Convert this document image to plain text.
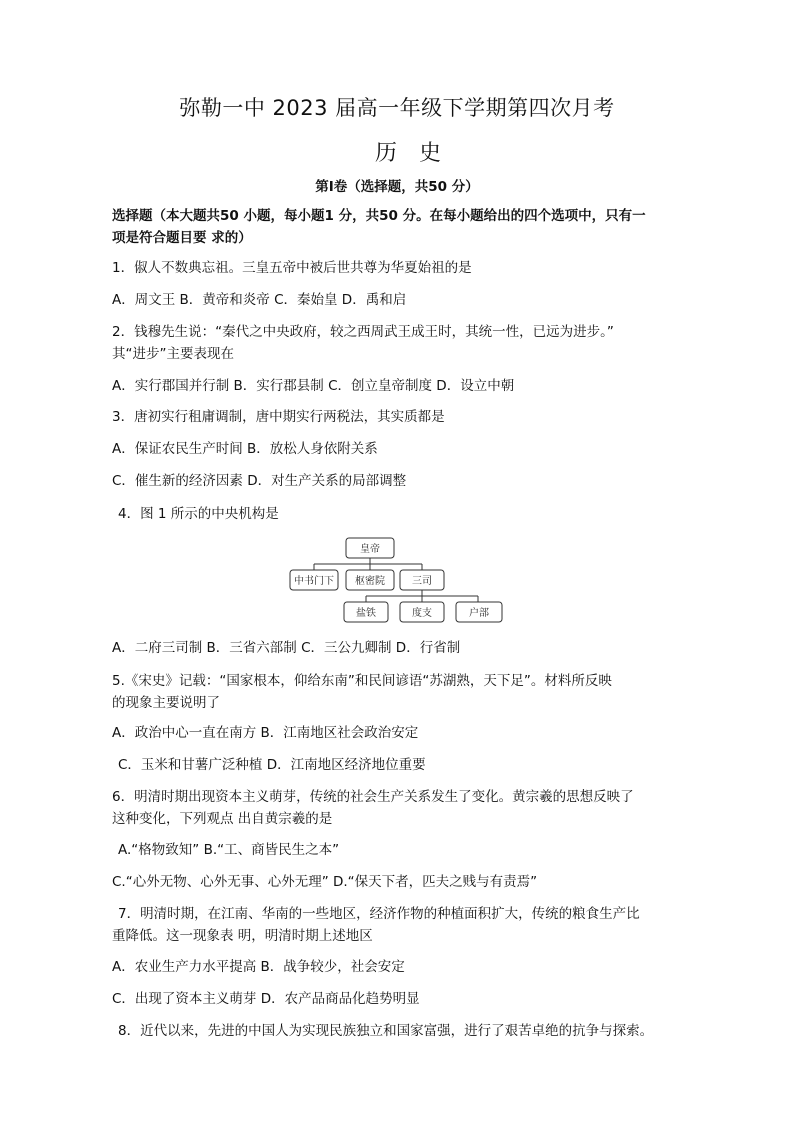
弥勒一中 2023 届高一年级下学期第四次月考
历史
第I卷（选择题，共50 分）
选择题（本大题共50 小题，每小题1 分，共50 分。在每小题给出的四个选项中，只有一
项是符合题目要 求的）
1．俶人不数典忘祖。三皇五帝中被后世共尊为华夏始祖的是
A．周文王 B．黄帝和炎帝 C．秦始皇 D．禹和启
2．钱穆先生说：“秦代之中央政府，较之西周武王成王时，其统一性，已远为进步。”
其“进步”主要表现在
A．实行郡国并行制 B．实行郡县制 C．创立皇帝制度 D．设立中朝
3．唐初实行租庸调制，唐中期实行两税法，其实质都是
A．保证农民生产时间 B．放松人身依附关系
C．催生新的经济因素 D．对生产关系的局部调整
4．图 1 所示的中央机构是
皇帝
中书门下 枢密院	三司
盐铁	度支	户部
A．二府三司制 B．三省六部制 C．三公九卿制 D．行省制
5.《宋史》记载：“国家根本，仰给东南”和民间谚语“苏湖熟，天下足”。材料所反映
的现象主要说明了
A．政治中心一直在南方 B．江南地区社会政治安定
C．玉米和甘薯广泛种植 D．江南地区经济地位重要
6．明清时期出现资本主义萌芽，传统的社会生产关系发生了变化。黄宗羲的思想反映了
这种变化，下列观点 出自黄宗羲的是
A.“格物致知” B.“工、商皆民生之本”
C.“心外无物、心外无事、心外无理” D.“保天下者，匹夫之贱与有责焉”
7．明清时期，在江南、华南的一些地区，经济作物的种植面积扩大，传统的粮食生产比
重降低。这一现象表 明，明清时期上述地区
A．农业生产力水平提高 B．战争较少，社会安定
C．出现了资本主义萌芽 D．农产品商品化趋势明显
8．近代以来，先进的中国人为实现民族独立和国家富强，进行了艰苦卓绝的抗争与探索。
